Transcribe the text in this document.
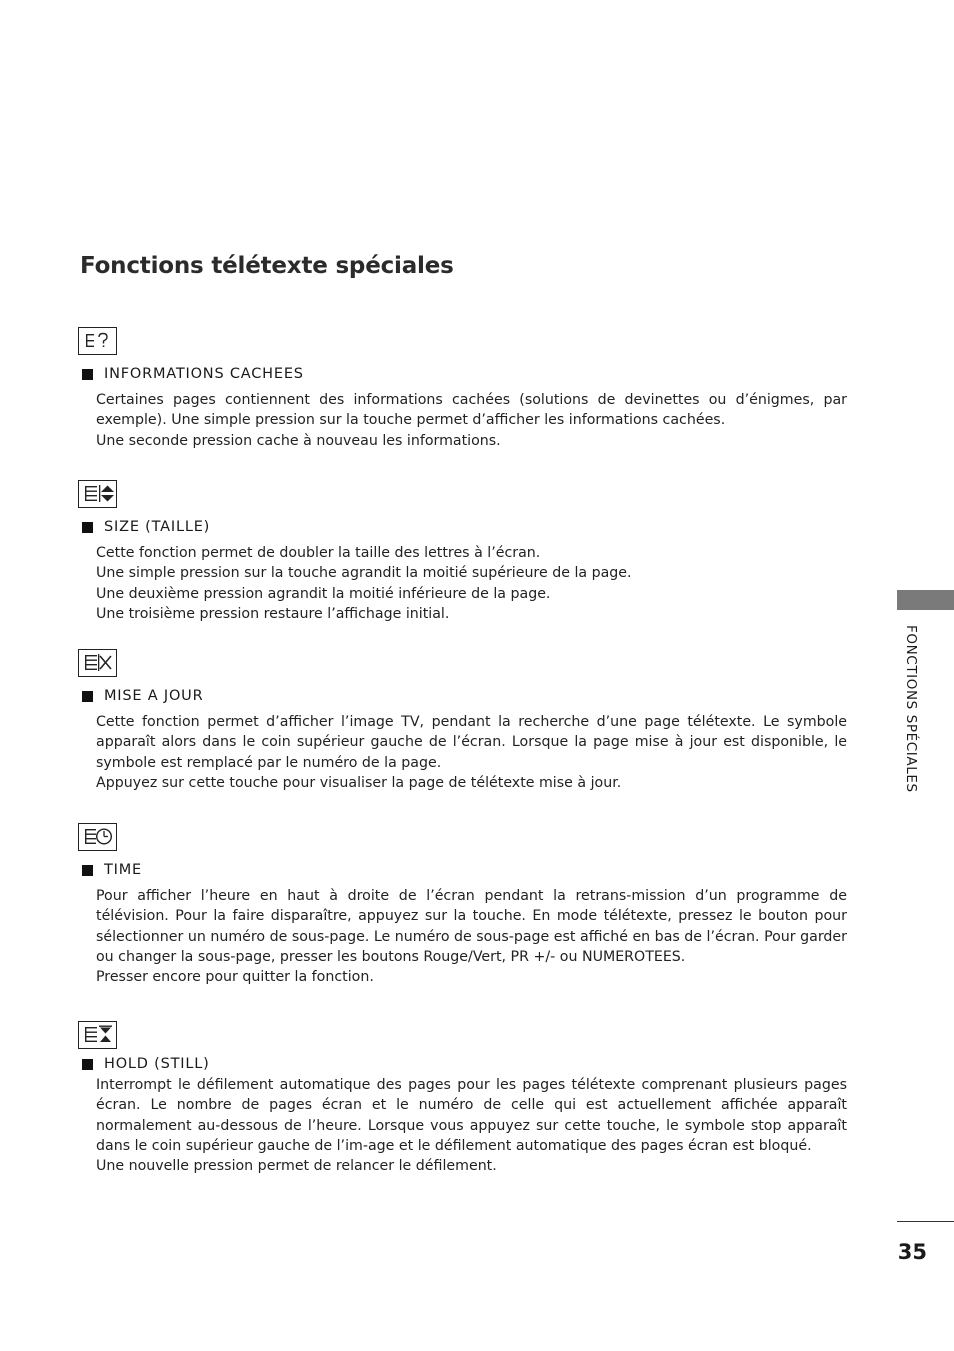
Fonctions télétexte spéciales
INFORMATIONS CACHEES

Certaines pages contiennent des informations cachées (solutions de devinettes ou d’énigmes, par exemple). Une simple pression sur la touche permet d’afficher les informations cachées.

Une seconde pression cache à nouveau les informations.

SIZE (TAILLE)

Cette fonction permet de doubler la taille des lettres à l’écran.

Une simple pression sur la touche agrandit la moitié supérieure de la page.

Une deuxième pression agrandit la moitié inférieure de la page.

Une troisième pression restaure l’affichage initial.

MISE A JOUR

Cette fonction permet d’afficher l’image TV, pendant la recherche d’une page télétexte. Le symbole apparaît alors dans le coin supérieur gauche de l’écran. Lorsque la page mise à jour est disponible, le symbole est remplacé par le numéro de la page.

Appuyez sur cette touche pour visualiser la page de télétexte mise à jour.

TIME

Pour afficher l’heure en haut à droite de l’écran pendant la retrans-mission d’un programme de télévision. Pour la faire disparaître, appuyez sur la touche. En mode télétexte, pressez le bouton pour sélectionner un numéro de sous-page. Le numéro de sous-page est affiché en bas de l’écran. Pour garder ou changer la sous-page, presser les boutons Rouge/Vert, PR +/- ou NUMEROTEES.

Presser encore pour quitter la fonction.

HOLD (STILL)

Interrompt le défilement automatique des pages pour les pages télétexte comprenant plusieurs pages écran. Le nombre de pages écran et le numéro de celle qui est actuellement affichée apparaît normalement au-dessous de l’heure. Lorsque vous appuyez sur cette touche, le symbole stop apparaît dans le coin supérieur gauche de l’im-age et le défilement automatique des pages écran est bloqué.

Une nouvelle pression permet de relancer le défilement.

FONCTIONS SPÉCIALES
35
